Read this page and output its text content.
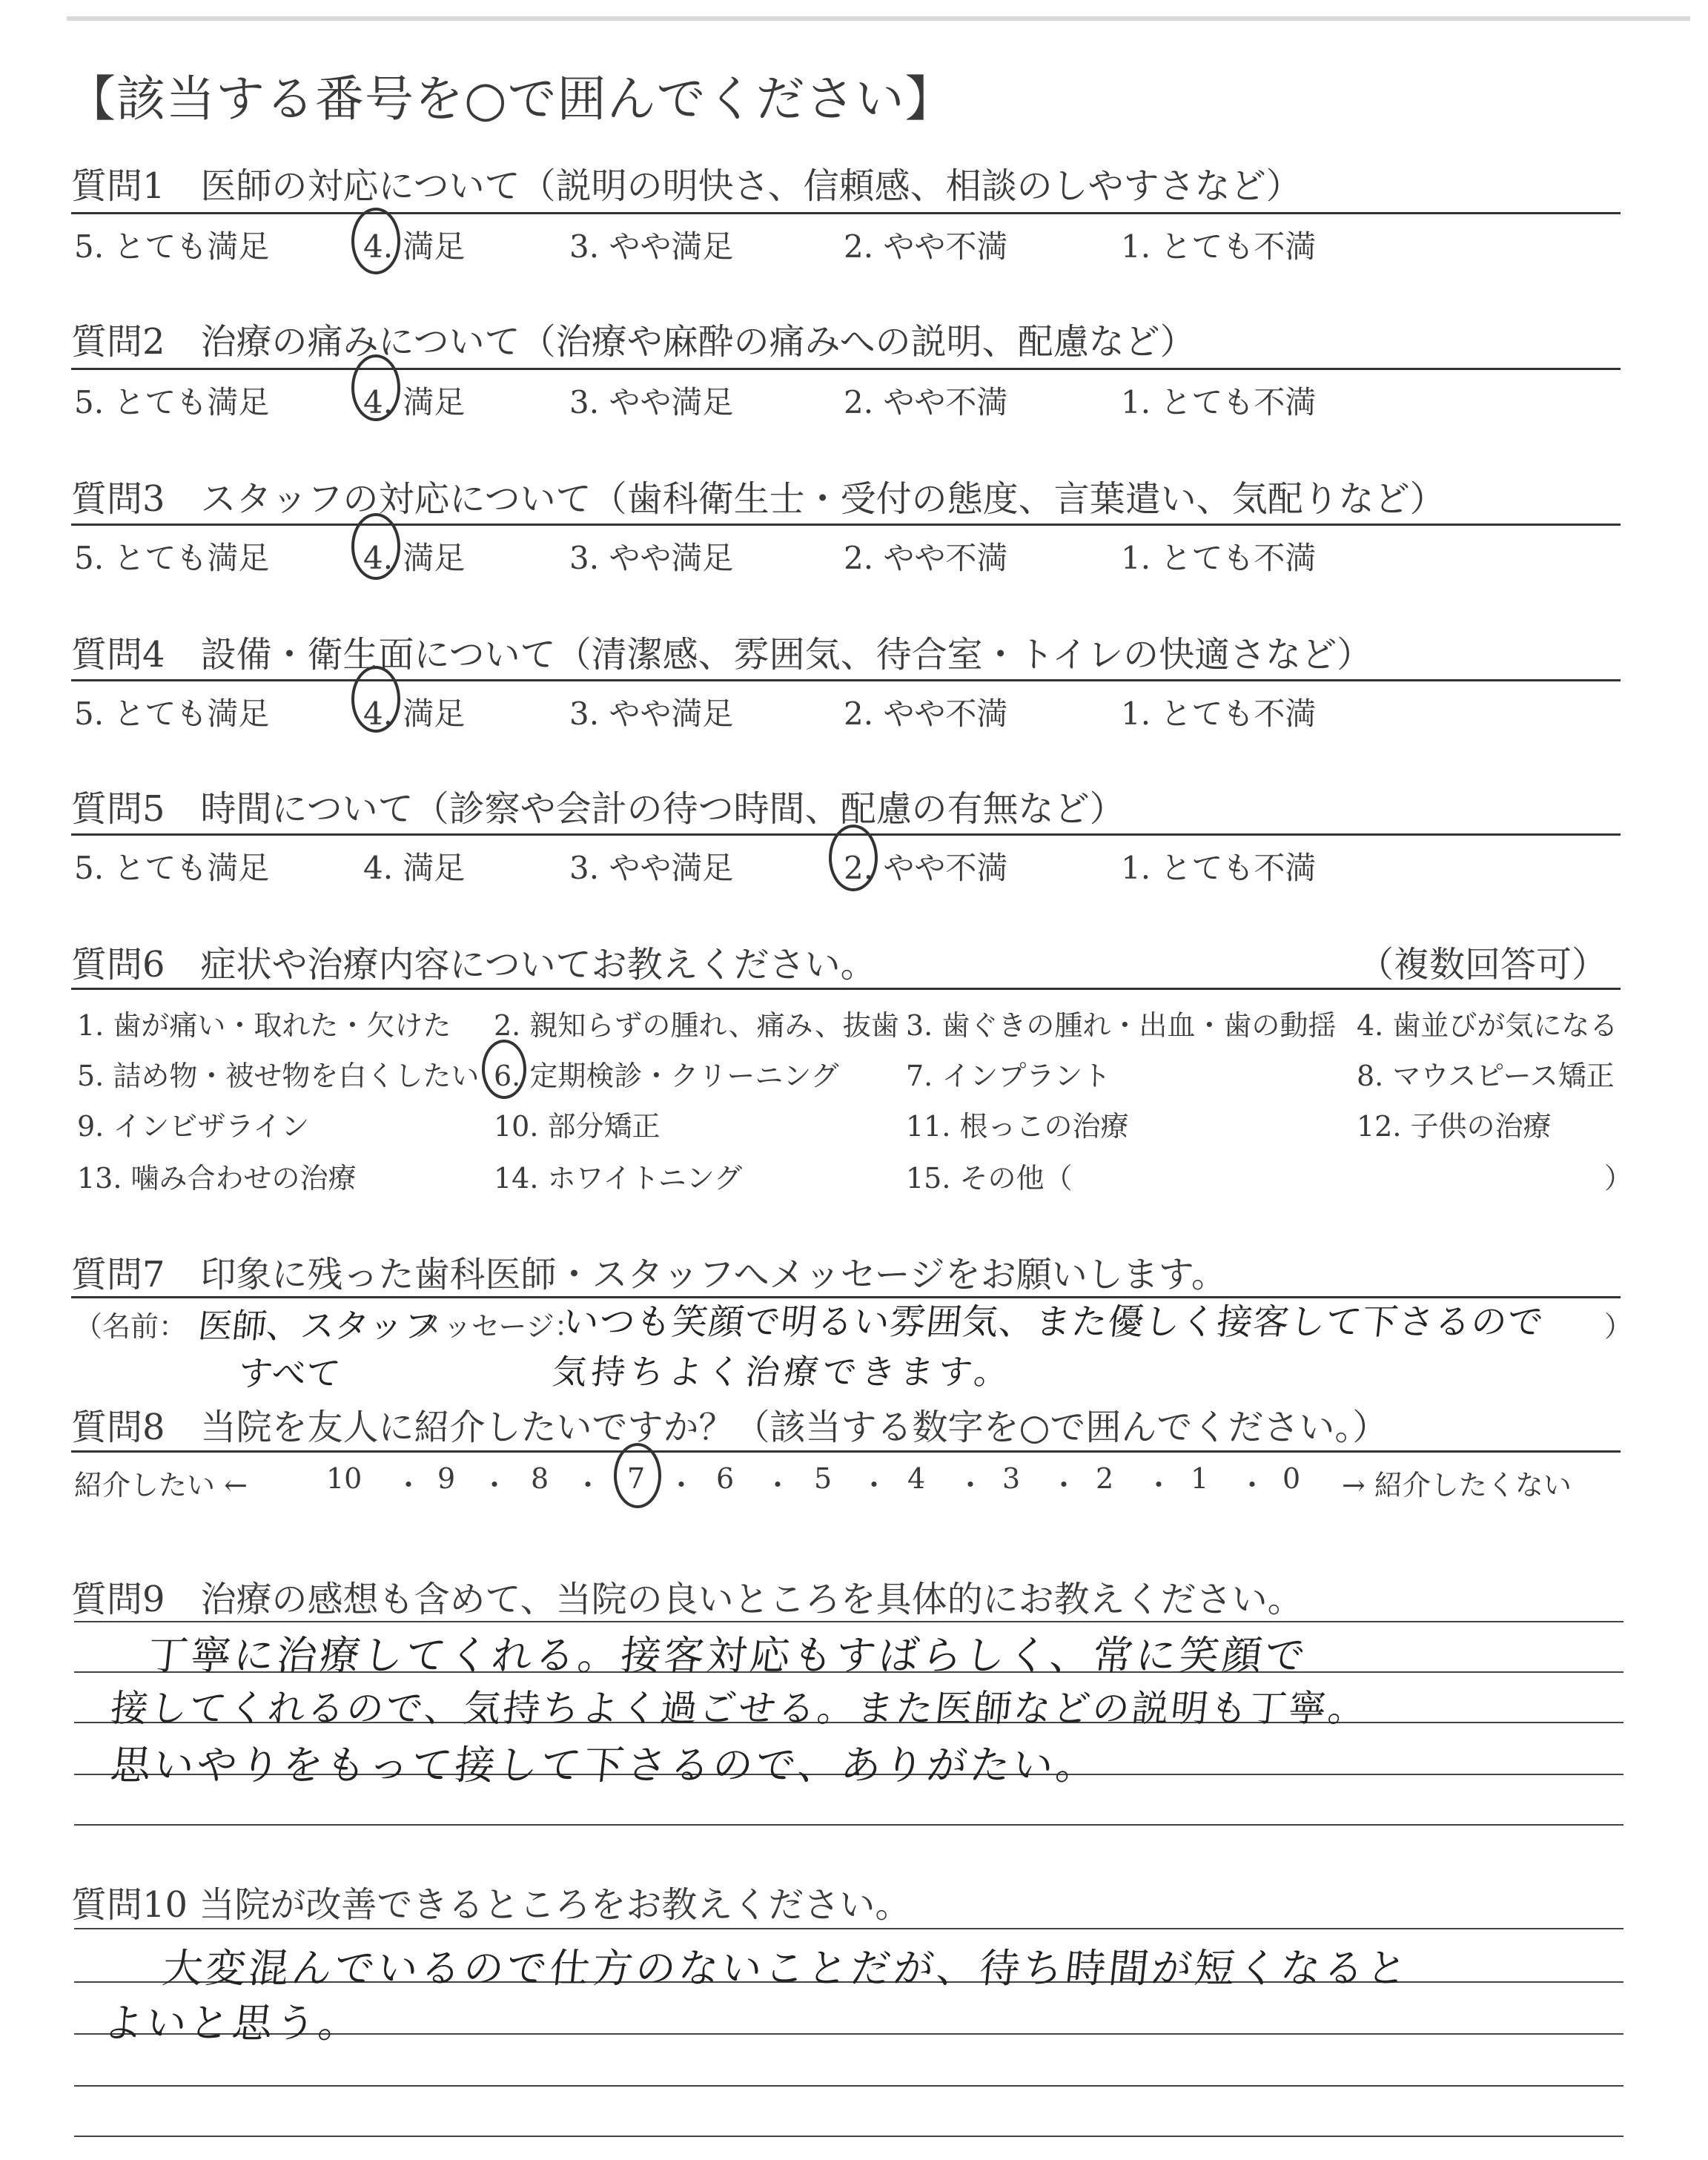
【該当する番号を○で囲んでください】
質問1　医師の対応について（説明の明快さ、信頼感、相談のしやすさなど）
5. とても満足	4. 満足	3. やや満足	2. やや不満	1. とても不満
質問2　治療の痛みについて（治療や麻酔の痛みへの説明、配慮など）
5. とても満足	4. 満足	3. やや満足	2. やや不満	1. とても不満
質問3　スタッフの対応について（歯科衛生士・受付の態度、言葉遣い、気配りなど）
5. とても満足	4. 満足	3. やや満足	2. やや不満	1. とても不満
質問4　設備・衛生面について（清潔感、雰囲気、待合室・トイレの快適さなど）
5. とても満足	4. 満足	3. やや満足	2. やや不満	1. とても不満
質問5　時間について（診察や会計の待つ時間、配慮の有無など）
5. とても満足	4. 満足	3. やや満足	2. やや不満	1. とても不満
質問6　症状や治療内容についてお教えください。	（複数回答可）
1. 歯が痛い・取れた・欠けた 2. 親知らずの腫れ、痛み、抜歯 3. 歯ぐきの腫れ・出血・歯の動揺 4. 歯並びが気になる
5. 詰め物・被せ物を白くしたい 6. 定期検診・クリーニング 7. インプラント	8. マウスピース矯正
9. インビザライン	10. 部分矯正	11. 根っこの治療	12. 子供の治療
13. 噛み合わせの治療	14. ホワイトニング	15. その他（	）
質問7　印象に残った歯科医師・スタッフへメッセージをお願いします。
（名前： 医師、スタッフ
すべて
メッセージ：
いつも笑顔で明るい雰囲気、また優しく接客して下さるので
気持ちよく治療できます。
）
質問8　当院を友人に紹介したいですか？（該当する数字を○で囲んでください。）
紹介したい ←	10 ・ 9 ・ 8 ・ 7 ・ 6 ・ 5 ・ 4 ・ 3 ・ 2 ・ 1 ・ 0 → 紹介したくない
質問9　治療の感想も含めて、当院の良いところを具体的にお教えください。
丁寧に治療してくれる。接客対応もすばらしく、常に笑顔で
接してくれるので、気持ちよく過ごせる。また医師などの説明も丁寧。
思いやりをもって接して下さるので、ありがたい。
質問10 当院が改善できるところをお教えください。
大変混んでいるので仕方のないことだが、待ち時間が短くなると
よいと思う。
